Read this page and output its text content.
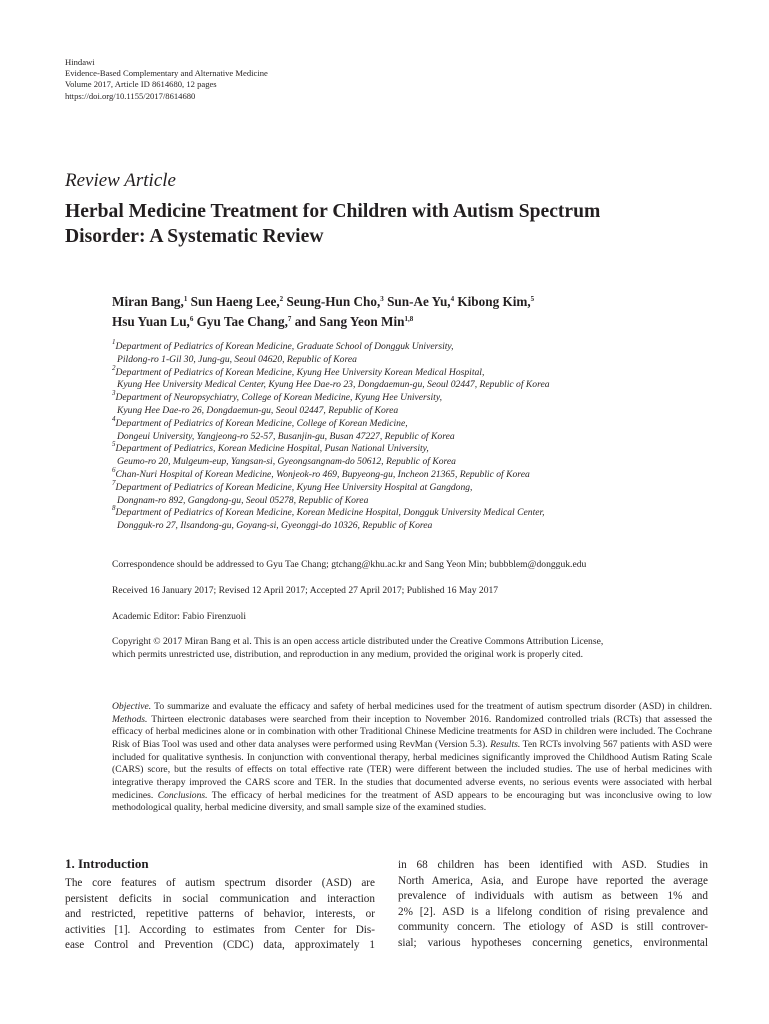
Hindawi
Evidence-Based Complementary and Alternative Medicine
Volume 2017, Article ID 8614680, 12 pages
https://doi.org/10.1155/2017/8614680
Review Article
Herbal Medicine Treatment for Children with Autism Spectrum
Disorder: A Systematic Review
Miran Bang,$^1$ Sun Haeng Lee,$^2$ Seung-Hun Cho,$^3$ Sun-Ae Yu,$^4$ Kibong Kim,$^5$
Hsu Yuan Lu,$^6$ Gyu Tae Chang,$^7$ and Sang Yeon Min$^{1,8}$
$^1$Department of Pediatrics of Korean Medicine, Graduate School of Dongguk University,
Pildong-ro 1-Gil 30, Jung-gu, Seoul 04620, Republic of Korea
$^2$Department of Pediatrics of Korean Medicine, Kyung Hee University Korean Medical Hospital,
Kyung Hee University Medical Center, Kyung Hee Dae-ro 23, Dongdaemun-gu, Seoul 02447, Republic of Korea
$^3$Department of Neuropsychiatry, College of Korean Medicine, Kyung Hee University,
Kyung Hee Dae-ro 26, Dongdaemun-gu, Seoul 02447, Republic of Korea
$^4$Department of Pediatrics of Korean Medicine, College of Korean Medicine,
Dongeui University, Yangjeong-ro 52-57, Busanjin-gu, Busan 47227, Republic of Korea
$^5$Department of Pediatrics, Korean Medicine Hospital, Pusan National University,
Geumo-ro 20, Mulgeum-eup, Yangsan-si, Gyeongsangnam-do 50612, Republic of Korea
$^6$Chan-Nuri Hospital of Korean Medicine, Wonjeok-ro 469, Bupyeong-gu, Incheon 21365, Republic of Korea
$^7$Department of Pediatrics of Korean Medicine, Kyung Hee University Hospital at Gangdong,
Dongnam-ro 892, Gangdong-gu, Seoul 05278, Republic of Korea
$^8$Department of Pediatrics of Korean Medicine, Korean Medicine Hospital, Dongguk University Medical Center,
Dongguk-ro 27, Ilsandong-gu, Goyang-si, Gyeonggi-do 10326, Republic of Korea
Correspondence should be addressed to Gyu Tae Chang; gtchang@khu.ac.kr and Sang Yeon Min; bubbblem@dongguk.edu
Received 16 January 2017; Revised 12 April 2017; Accepted 27 April 2017; Published 16 May 2017
Academic Editor: Fabio Firenzuoli
Copyright © 2017 Miran Bang et al. This is an open access article distributed under the Creative Commons Attribution License,
which permits unrestricted use, distribution, and reproduction in any medium, provided the original work is properly cited.
Objective. To summarize and evaluate the efficacy and safety of herbal medicines used for the treatment of autism spectrum disorder (ASD) in children. Methods. Thirteen electronic databases were searched from their inception to November 2016. Randomized controlled trials (RCTs) that assessed the efficacy of herbal medicines alone or in combination with other Traditional Chinese Medicine treatments for ASD in children were included. The Cochrane Risk of Bias Tool was used and other data analyses were performed using RevMan (Version 5.3). Results. Ten RCTs involving 567 patients with ASD were included for qualitative synthesis. In conjunction with conventional therapy, herbal medicines significantly improved the Childhood Autism Rating Scale (CARS) score, but the results of effects on total effective rate (TER) were different between the included studies. The use of herbal medicines with integrative therapy improved the CARS score and TER. In the studies that documented adverse events, no serious events were associated with herbal medicines. Conclusions. The efficacy of herbal medicines for the treatment of ASD appears to be encouraging but was inconclusive owing to low methodological quality, herbal medicine diversity, and small sample size of the examined studies.
1. Introduction
The core features of autism spectrum disorder (ASD) are
persistent deficits in social communication and interaction
and restricted, repetitive patterns of behavior, interests, or
activities [1]. According to estimates from Center for Dis-
ease Control and Prevention (CDC) data, approximately 1
in 68 children has been identified with ASD. Studies in
North America, Asia, and Europe have reported the average
prevalence of individuals with autism as between 1% and
2% [2]. ASD is a lifelong condition of rising prevalence and
community concern. The etiology of ASD is still controver-
sial; various hypotheses concerning genetics, environmental
